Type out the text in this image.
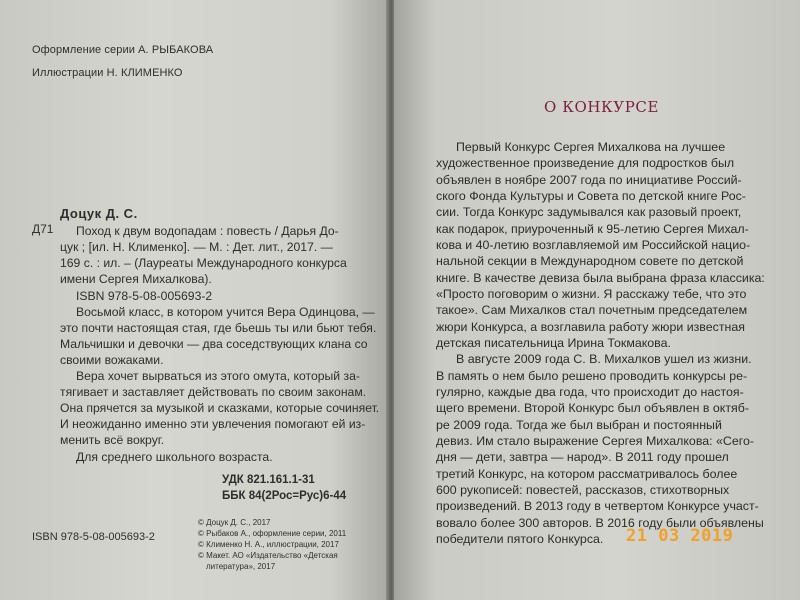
Оформление серии А. РЫБАКОВА
Иллюстрации Н. КЛИМЕНКО
Д71
Доцук Д. С.
Поход к двум водопадам : повесть / Дарья До-
цук ; [ил. Н. Клименко]. — М. : Дет. лит., 2017. —
169 с. : ил. – (Лауреаты Международного конкурса
имени Сергея Михалкова).
ISBN 978-5-08-005693-2
Восьмой класс, в котором учится Вера Одинцова, —
это почти настоящая стая, где бьешь ты или бьют тебя.
Мальчишки и девочки — два соседствующих клана со
своими вожаками.
Вера хочет вырваться из этого омута, который за-
тягивает и заставляет действовать по своим законам.
Она прячется за музыкой и сказками, которые сочиняет.
И неожиданно именно эти увлечения помогают ей из-
менить всё вокруг.
Для среднего школьного возраста.
УДК 821.161.1-31
ББК 84(2Рос=Рус)6-44
© Доцук Д. С., 2017
© Рыбаков А., оформление серии, 2011
© Клименко Н. А., иллюстрации, 2017
© Макет. АО «Издательство «Детская
литература», 2017
ISBN 978-5-08-005693-2
О КОНКУРСЕ
Первый Конкурс Сергея Михалкова на лучшее
художественное произведение для подростков был
объявлен в ноябре 2007 года по инициативе Россий-
ского Фонда Культуры и Совета по детской книге Рос-
сии. Тогда Конкурс задумывался как разовый проект,
как подарок, приуроченный к 95-летию Сергея Михал-
кова и 40-летию возглавляемой им Российской нацио-
нальной секции в Международном совете по детской
книге. В качестве девиза была выбрана фраза классика:
«Просто поговорим о жизни. Я расскажу тебе, что это
такое». Сам Михалков стал почетным председателем
жюри Конкурса, а возглавила работу жюри известная
детская писательница Ирина Токмакова.
В августе 2009 года С. В. Михалков ушел из жизни.
В память о нем было решено проводить конкурсы ре-
гулярно, каждые два года, что происходит до настоя-
щего времени. Второй Конкурс был объявлен в октяб-
ре 2009 года. Тогда же был выбран и постоянный
девиз. Им стало выражение Сергея Михалкова: «Сего-
дня — дети, завтра — народ». В 2011 году прошел
третий Конкурс, на котором рассматривалось более
600 рукописей: повестей, рассказов, стихотворных
произведений. В 2013 году в четвертом Конкурсе участ-
вовало более 300 авторов. В 2016 году были объявлены
победители пятого Конкурса. 21 03 2019
